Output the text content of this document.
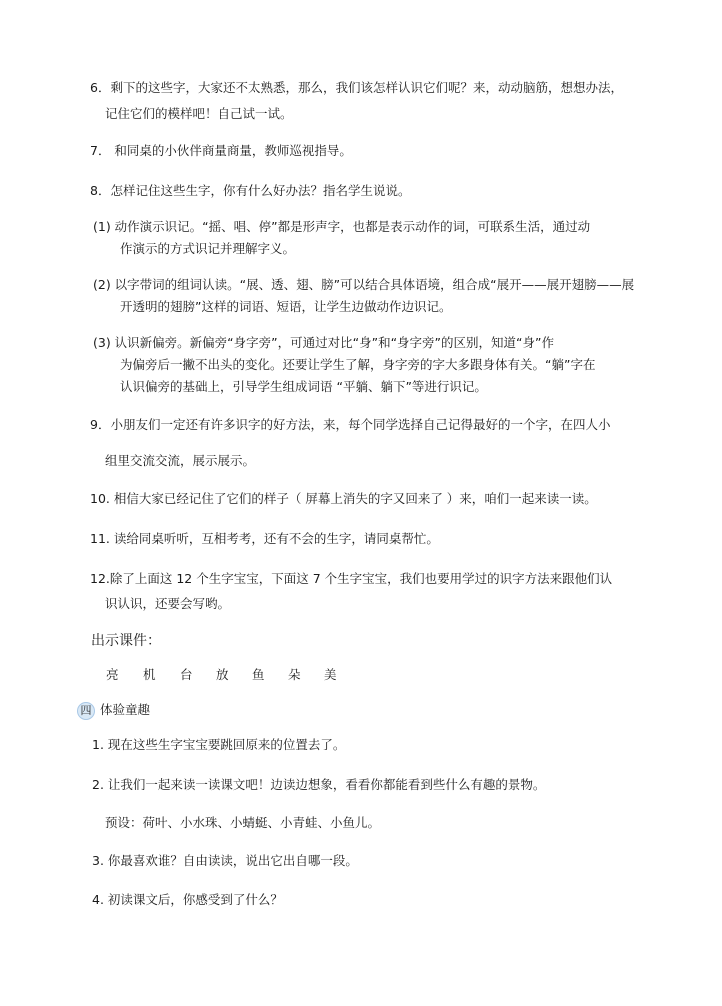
6．剩下的这些字，大家还不太熟悉，那么，我们该怎样认识它们呢？来，动动脑筋，想想办法，
记住它们的模样吧！自己试一试。
7． 和同桌的小伙伴商量商量，教师巡视指导。
8．怎样记住这些生字，你有什么好办法？指名学生说说。
(1) 动作演示识记。“摇、唱、停”都是形声字，也都是表示动作的词，可联系生活，通过动
作演示的方式识记并理解字义。
(2) 以字带词的组词认读。“展、透、翅、膀”可以结合具体语境，组合成“展开——展开翅膀——展
开透明的翅膀”这样的词语、短语，让学生边做动作边识记。
(3) 认识新偏旁。新偏旁“身字旁”，可通过对比“身”和“身字旁”的区别，知道“身”作
为偏旁后一撇不出头的变化。还要让学生了解，身字旁的字大多跟身体有关。“躺”字在
认识偏旁的基础上，引导学生组成词语 “平躺、躺下”等进行识记。
9．小朋友们一定还有许多识字的好方法，来，每个同学选择自己记得最好的一个字，在四人小
组里交流交流，展示展示。
10. 相信大家已经记住了它们的样子（ 屏幕上消失的字又回来了 ）来，咱们一起来读一读。
11. 读给同桌听听，互相考考，还有不会的生字，请同桌帮忙。
12.除了上面这 12 个生字宝宝，下面这 7 个生字宝宝，我们也要用学过的识字方法来跟他们认
识认识，还要会写哟。
出示课件：
亮 机 台 放 鱼 朵 美
四 体验童趣
1. 现在这些生字宝宝要跳回原来的位置去了。
2. 让我们一起来读一读课文吧！边读边想象，看看你都能看到些什么有趣的景物。
预设：荷叶、小水珠、小蜻蜓、小青蛙、小鱼儿。
3. 你最喜欢谁？自由读读，说出它出自哪一段。
4. 初读课文后，你感受到了什么？
